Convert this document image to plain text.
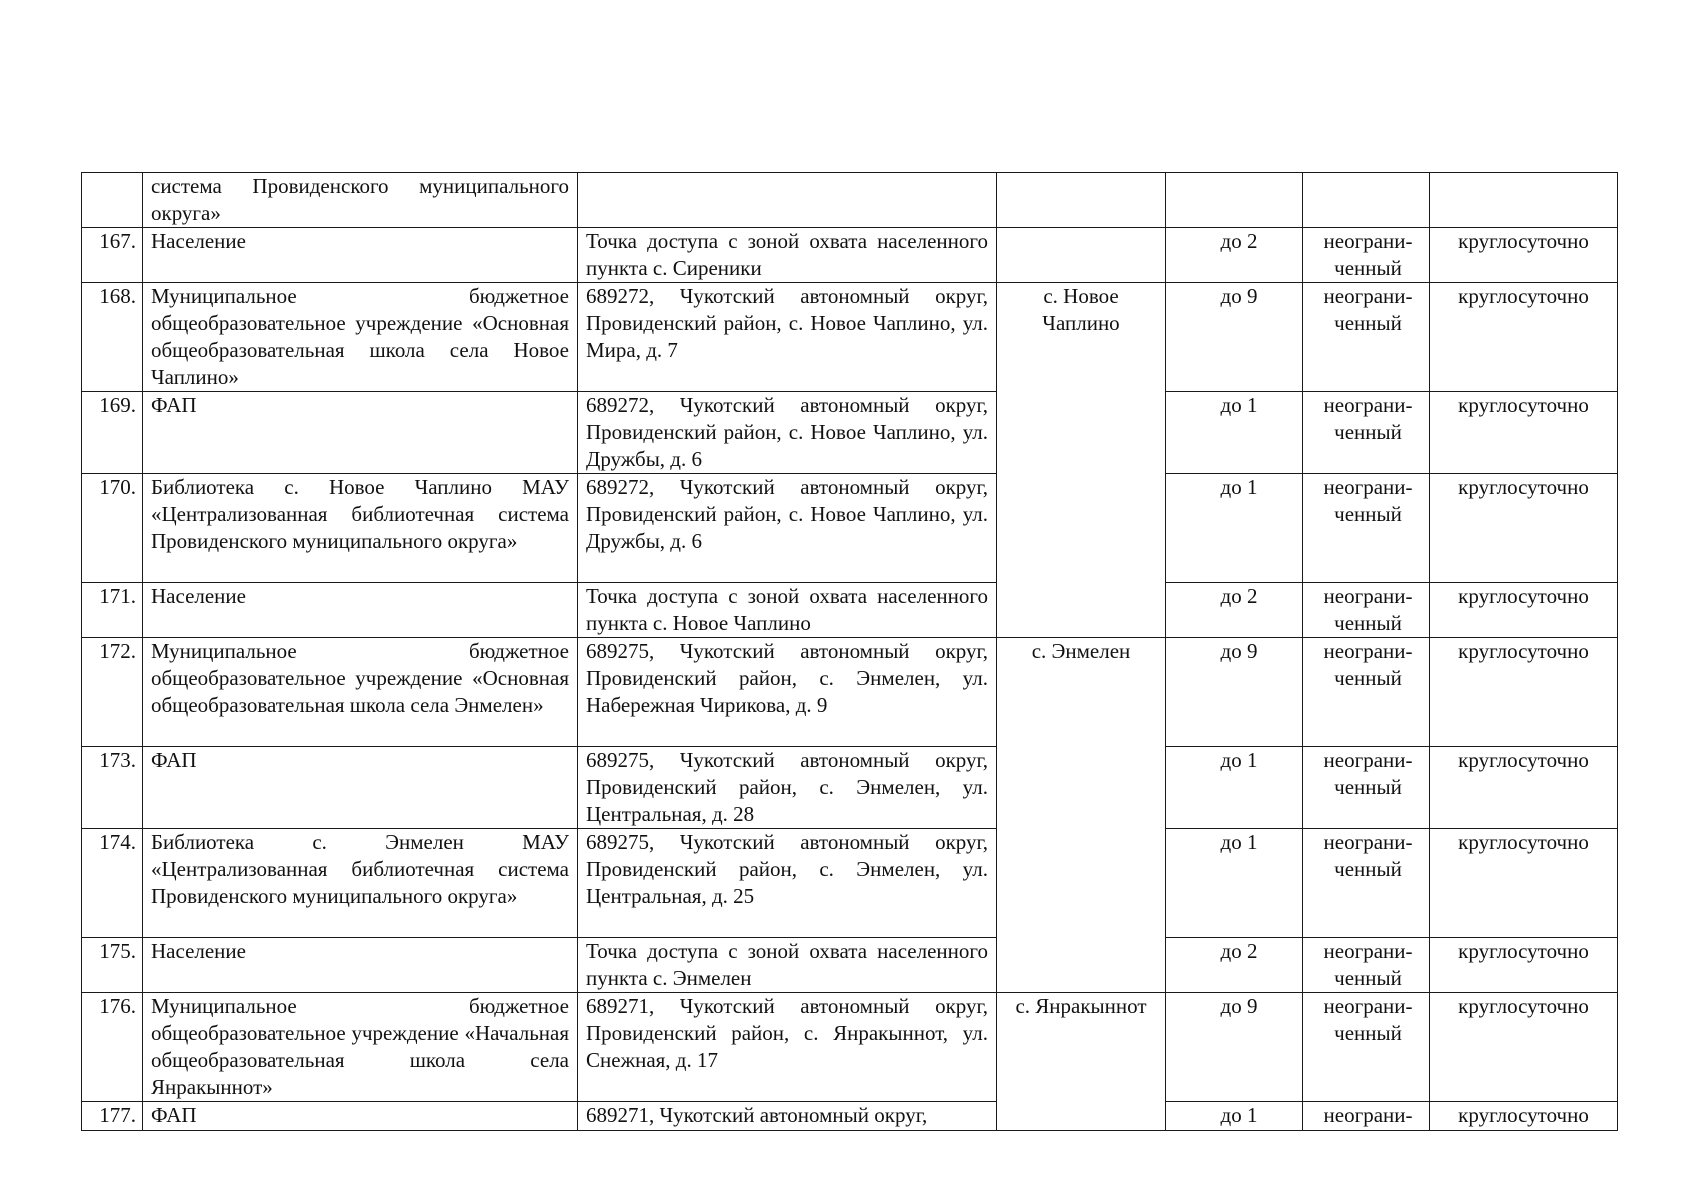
	система Провиденского муниципального округа»					
167.	Население	Точка доступа с зоной охвата населенного пункта с. Сиреники		до 2	неограни-ченный	круглосуточно
168.	Муниципальное бюджетное общеобразовательное учреждение «Основная общеобразовательная школа села Новое Чаплино»	689272, Чукотский автономный округ, Провиденский район, с. Новое Чаплино, ул. Мира, д. 7	с. Новое Чаплино	до 9	неограни-ченный	круглосуточно
169.	ФАП	689272, Чукотский автономный округ, Провиденский район, с. Новое Чаплино, ул. Дружбы, д. 6		до 1	неограни-ченный	круглосуточно
170.	Библиотека с. Новое Чаплино МАУ «Централизованная библиотечная система Провиденского муниципального округа»	689272, Чукотский автономный округ, Провиденский район, с. Новое Чаплино, ул. Дружбы, д. 6		до 1	неограни-ченный	круглосуточно
171.	Население	Точка доступа с зоной охвата населенного пункта с. Новое Чаплино		до 2	неограни-ченный	круглосуточно
172.	Муниципальное бюджетное общеобразовательное учреждение «Основная общеобразовательная школа села Энмелен»	689275, Чукотский автономный округ, Провиденский район, с. Энмелен, ул. Набережная Чирикова, д. 9	с. Энмелен	до 9	неограни-ченный	круглосуточно
173.	ФАП	689275, Чукотский автономный округ, Провиденский район, с. Энмелен, ул. Центральная, д. 28		до 1	неограни-ченный	круглосуточно
174.	Библиотека с. Энмелен МАУ «Централизованная библиотечная система Провиденского муниципального округа»	689275, Чукотский автономный округ, Провиденский район, с. Энмелен, ул. Центральная, д. 25		до 1	неограни-ченный	круглосуточно
175.	Население	Точка доступа с зоной охвата населенного пункта с. Энмелен		до 2	неограни-ченный	круглосуточно
176.	Муниципальное бюджетное общеобразовательное учреждение «Начальная общеобразовательная школа села Янракыннот»	689271, Чукотский автономный округ, Провиденский район, с. Янракыннот, ул. Снежная, д. 17	с. Янракыннот	до 9	неограни-ченный	круглосуточно
177.	ФАП	689271, Чукотский автономный округ,		до 1	неограни-	круглосуточно
